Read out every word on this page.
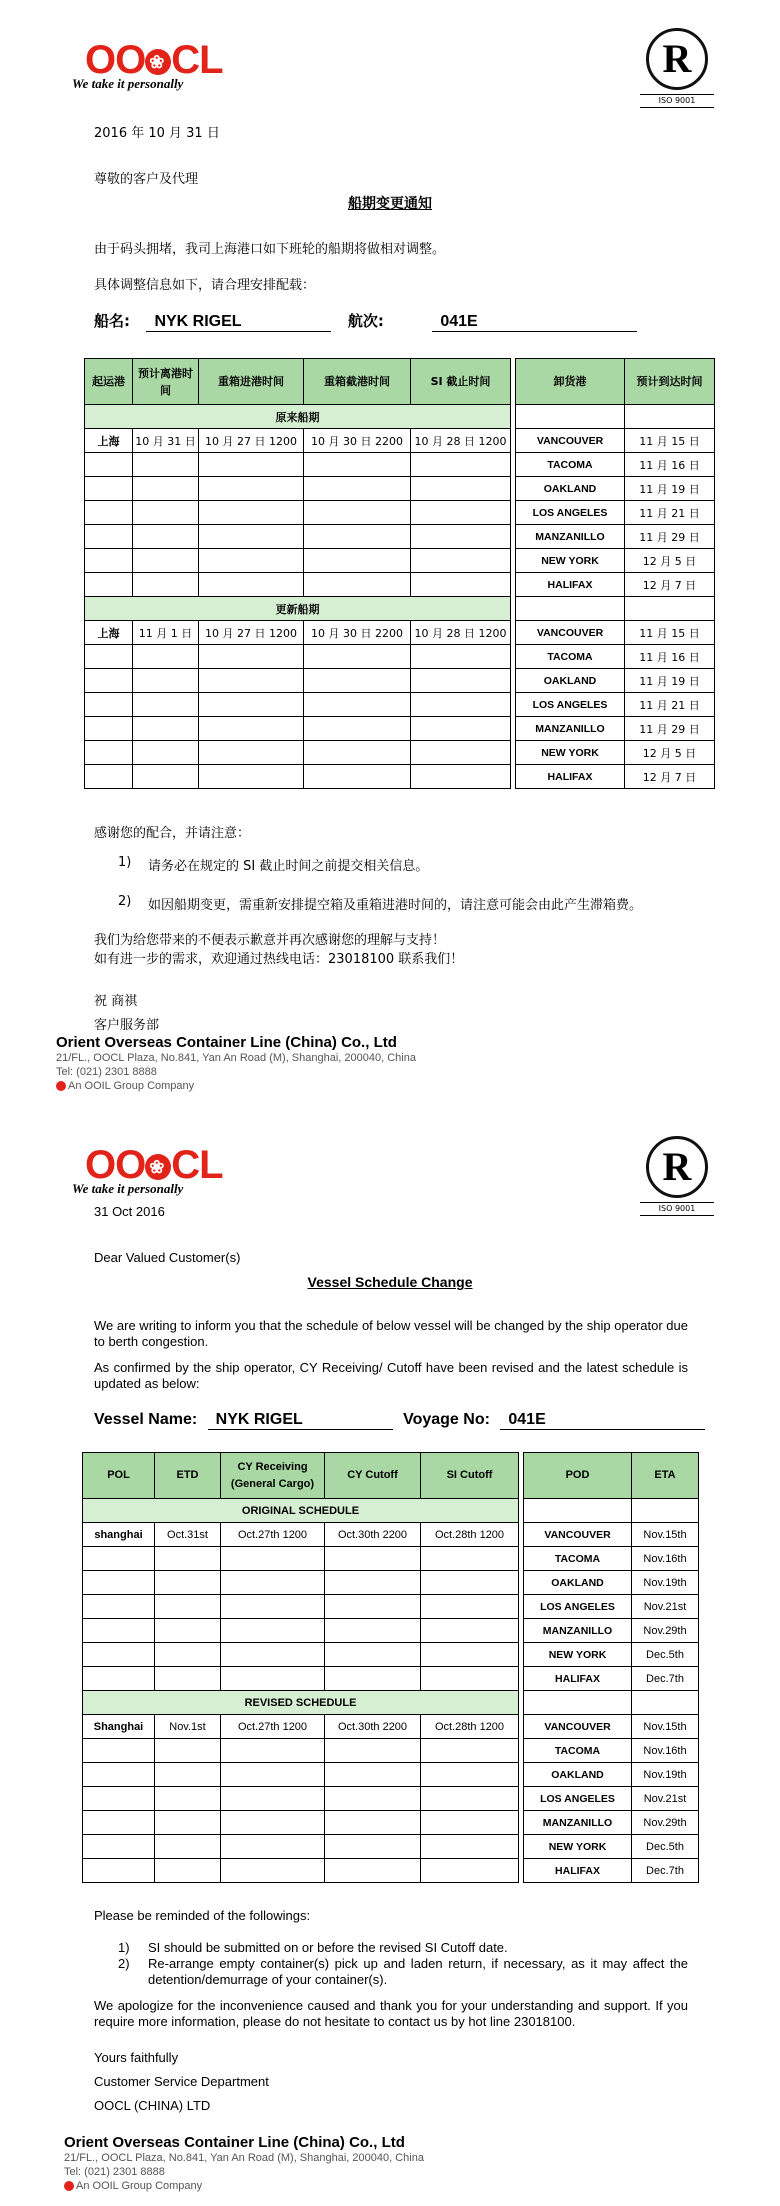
OO ❀ CL
We take it personally
R
ISO 9001
2016 年 10 月 31 日
尊敬的客户及代理
船期变更通知
由于码头拥堵，我司上海港口如下班轮的船期将做相对调整。
具体调整信息如下，请合理安排配载：
船名: NYK RIGEL	航次:	041E
起运港	预计离港时间	重箱进港时间	重箱截港时间	SI 截止时间		卸货港	预计到达时间
原来船期							
上海	10 月 31 日	10 月 27 日 1200	10 月 30 日 2200	10 月 28 日 1200		VANCOUVER	11 月 15 日
						TACOMA	11 月 16 日
						OAKLAND	11 月 19 日
						LOS ANGELES	11 月 21 日
						MANZANILLO	11 月 29 日
						NEW YORK	12 月 5 日
						HALIFAX	12 月 7 日
更新船期							
上海	11 月 1 日	10 月 27 日 1200	10 月 30 日 2200	10 月 28 日 1200		VANCOUVER	11 月 15 日
						TACOMA	11 月 16 日
						OAKLAND	11 月 19 日
						LOS ANGELES	11 月 21 日
						MANZANILLO	11 月 29 日
						NEW YORK	12 月 5 日
						HALIFAX	12 月 7 日
感谢您的配合，并请注意：
1) 请务必在规定的 SI 截止时间之前提交相关信息。
2) 如因船期变更，需重新安排提空箱及重箱进港时间的，请注意可能会由此产生滞箱费。
我们为给您带来的不便表示歉意并再次感谢您的理解与支持！
如有进一步的需求，欢迎通过热线电话：23018100 联系我们！
祝 商祺
客户服务部
Orient Overseas Container Line (China) Co., Ltd
21/FL., OOCL Plaza, No.841, Yan An Road (M), Shanghai, 200040, China
Tel: (021) 2301 8888
An OOIL Group Company
OO ❀ CL
We take it personally	R
ISO 9001
31 Oct 2016
Dear Valued Customer(s)
Vessel Schedule Change
We are writing to inform you that the schedule of below vessel will be changed by the ship operator due to berth congestion.
As confirmed by the ship operator, CY Receiving/ Cutoff have been revised and the latest schedule is updated as below:
Vessel Name: NYK RIGEL	Voyage No: 041E
POL	ETD	CY Receiving (General Cargo)	CY Cutoff	SI Cutoff		POD	ETA
ORIGINAL SCHEDULE							
shanghai	Oct.31st	Oct.27th 1200	Oct.30th 2200	Oct.28th 1200		VANCOUVER	Nov.15th
						TACOMA	Nov.16th
						OAKLAND	Nov.19th
						LOS ANGELES	Nov.21st
						MANZANILLO	Nov.29th
						NEW YORK	Dec.5th
						HALIFAX	Dec.7th
REVISED SCHEDULE							
Shanghai	Nov.1st	Oct.27th 1200	Oct.30th 2200	Oct.28th 1200		VANCOUVER	Nov.15th
						TACOMA	Nov.16th
						OAKLAND	Nov.19th
						LOS ANGELES	Nov.21st
						MANZANILLO	Nov.29th
						NEW YORK	Dec.5th
						HALIFAX	Dec.7th
Please be reminded of the followings:
1) SI should be submitted on or before the revised SI Cutoff date.
2) Re-arrange empty container(s) pick up and laden return, if necessary, as it may affect the detention/demurrage of your container(s).
We apologize for the inconvenience caused and thank you for your understanding and support. If you require more information, please do not hesitate to contact us by hot line 23018100.
Yours faithfully
Customer Service Department
OOCL (CHINA) LTD
Orient Overseas Container Line (China) Co., Ltd
21/FL., OOCL Plaza, No.841, Yan An Road (M), Shanghai, 200040, China
Tel: (021) 2301 8888
An OOIL Group Company
